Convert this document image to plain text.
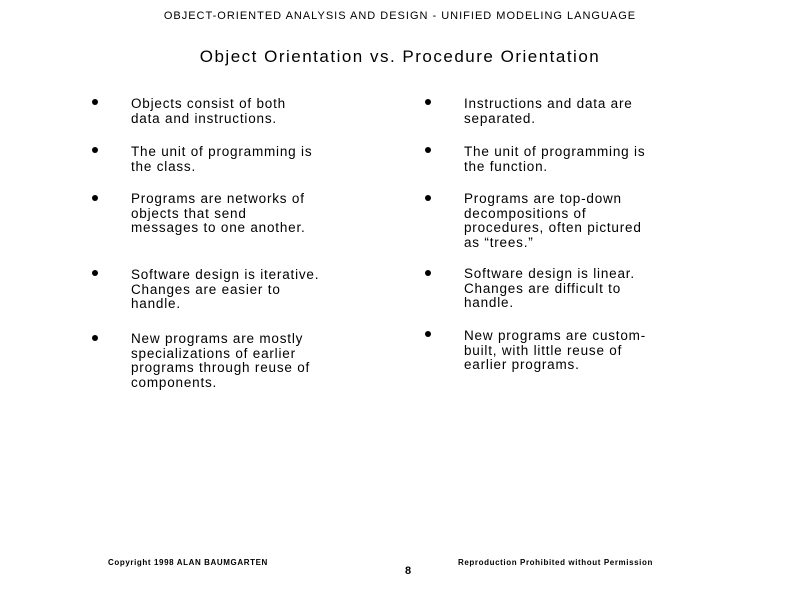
OBJECT-ORIENTED ANALYSIS AND DESIGN - UNIFIED MODELING LANGUAGE
Object Orientation vs. Procedure Orientation
Objects consist of both
data and instructions.
The unit of programming is
the class.
Programs are networks of
objects that send
messages to one another.
Software design is iterative.
Changes are easier to
handle.
New programs are mostly
specializations of earlier
programs through reuse of
components.
Instructions and data are
separated.
The unit of programming is
the function.
Programs are top-down
decompositions of
procedures, often pictured
as “trees.”
Software design is linear.
Changes are difficult to
handle.
New programs are custom-
built, with little reuse of
earlier programs.
Copyright 1998 ALAN BAUMGARTEN	Reproduction Prohibited without Permission
8
